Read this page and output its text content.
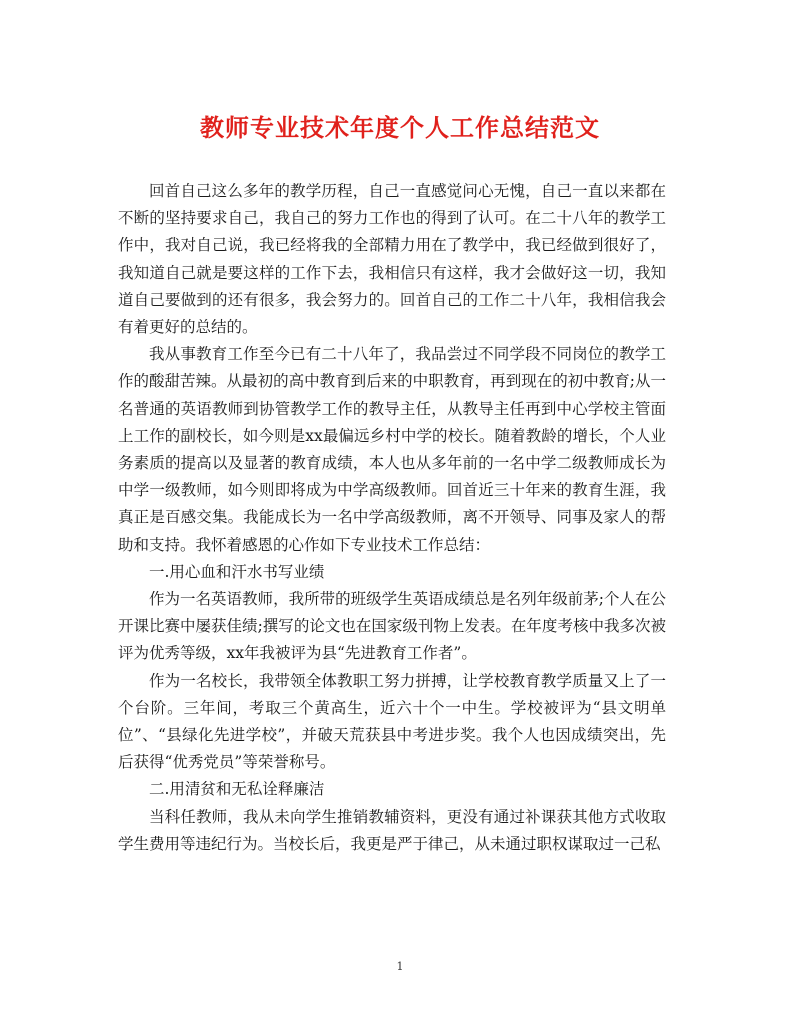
教师专业技术年度个人工作总结范文

回首自己这么多年的教学历程，自己一直感觉问心无愧，自己一直以来都在不断的坚持要求自己，我自己的努力工作也的得到了认可。在二十八年的教学工作中，我对自己说，我已经将我的全部精力用在了教学中，我已经做到很好了，我知道自己就是要这样的工作下去，我相信只有这样，我才会做好这一切，我知道自己要做到的还有很多，我会努力的。回首自己的工作二十八年，我相信我会有着更好的总结的。

我从事教育工作至今已有二十八年了，我品尝过不同学段不同岗位的教学工作的酸甜苦辣。从最初的高中教育到后来的中职教育，再到现在的初中教育;从一名普通的英语教师到协管教学工作的教导主任，从教导主任再到中心学校主管面上工作的副校长，如今则是xx最偏远乡村中学的校长。随着教龄的增长，个人业务素质的提高以及显著的教育成绩，本人也从多年前的一名中学二级教师成长为中学一级教师，如今则即将成为中学高级教师。回首近三十年来的教育生涯，我真正是百感交集。我能成长为一名中学高级教师，离不开领导、同事及家人的帮助和支持。我怀着感恩的心作如下专业技术工作总结：

一.用心血和汗水书写业绩

作为一名英语教师，我所带的班级学生英语成绩总是名列年级前茅;个人在公开课比赛中屡获佳绩;撰写的论文也在国家级刊物上发表。在年度考核中我多次被评为优秀等级，xx年我被评为县“先进教育工作者”。

作为一名校长，我带领全体教职工努力拼搏，让学校教育教学质量又上了一个台阶。三年间，考取三个黄高生，近六十个一中生。学校被评为“县文明单位”、“县绿化先进学校”，并破天荒获县中考进步奖。我个人也因成绩突出，先后获得“优秀党员”等荣誉称号。

二.用清贫和无私诠释廉洁

当科任教师，我从未向学生推销教辅资料，更没有通过补课获其他方式收取学生费用等违纪行为。当校长后，我更是严于律己，从未通过职权谋取过一己私

1
